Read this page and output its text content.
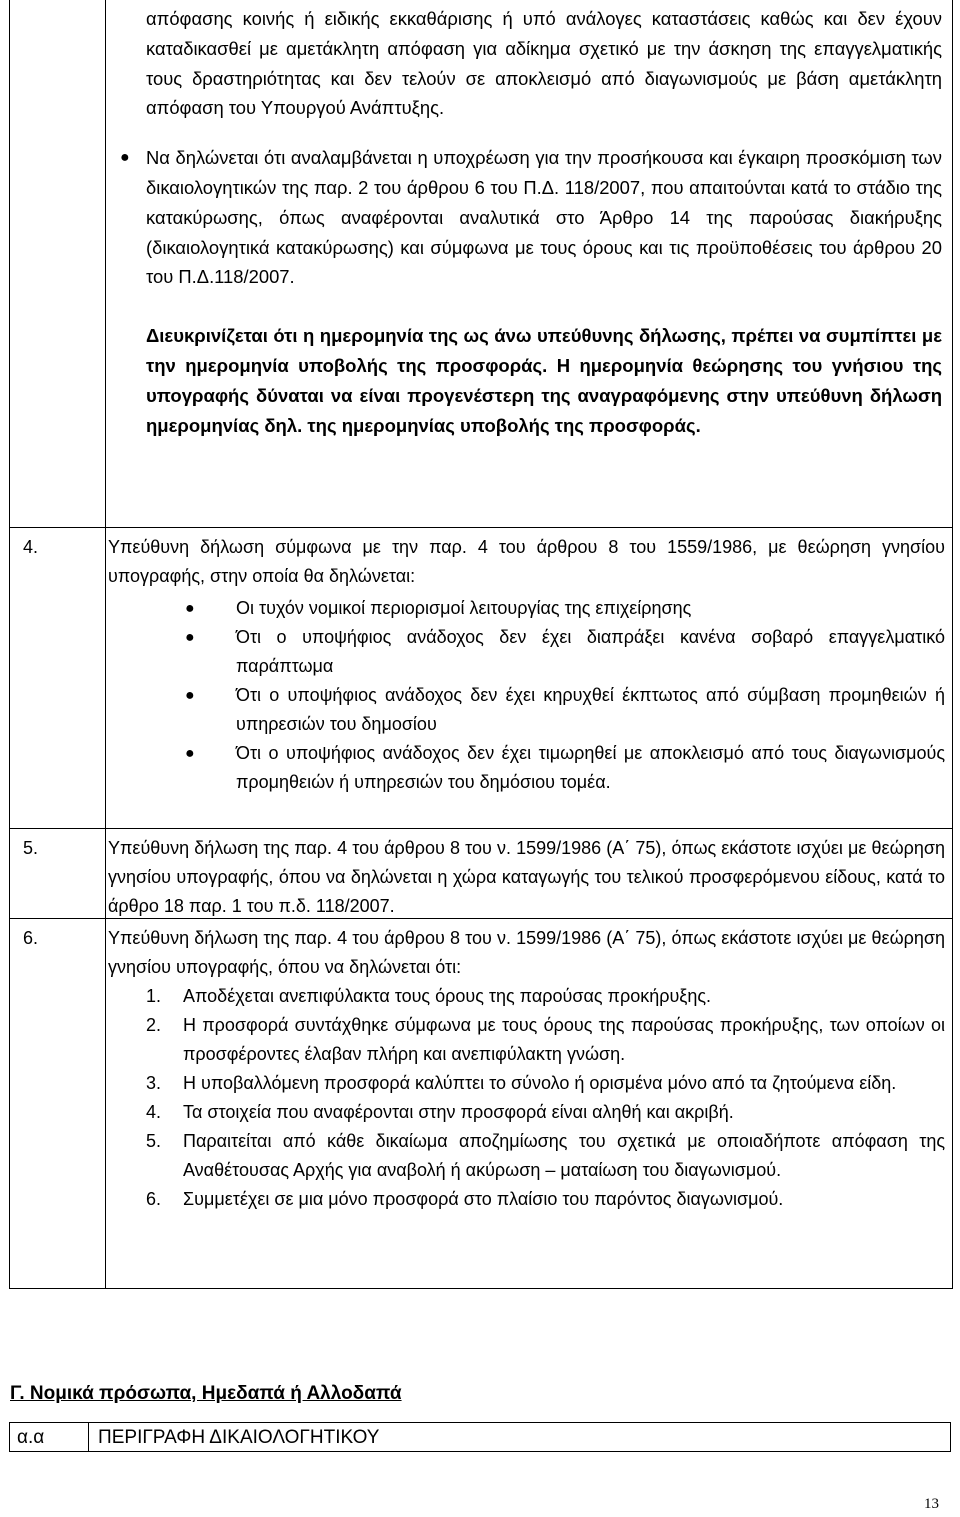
απόφασης κοινής ή ειδικής εκκαθάρισης ή υπό ανάλογες καταστάσεις καθώς και δεν έχουν καταδικασθεί με αμετάκλητη απόφαση για αδίκημα σχετικό με την άσκηση της επαγγελματικής τους δραστηριότητας και δεν τελούν σε αποκλεισμό από διαγωνισμούς με βάση αμετάκλητη απόφαση του Υπουργού Ανάπτυξης.

● Να δηλώνεται ότι αναλαμβάνεται η υποχρέωση για την προσήκουσα και έγκαιρη προσκόμιση των δικαιολογητικών της παρ. 2 του άρθρου 6 του Π.Δ. 118/2007, που απαιτούνται κατά το στάδιο της κατακύρωσης, όπως αναφέρονται αναλυτικά στο Άρθρο 14 της παρούσας διακήρυξης (δικαιολογητικά κατακύρωσης) και σύμφωνα με τους όρους και τις προϋποθέσεις του άρθρου 20 του Π.Δ.118/2007.

Διευκρινίζεται ότι η ημερομηνία της ως άνω υπεύθυνης δήλωσης, πρέπει να συμπίπτει με την ημερομηνία υποβολής της προσφοράς. Η ημερομηνία θεώρησης του γνήσιου της υπογραφής δύναται να είναι προγενέστερη της αναγραφόμενης στην υπεύθυνη δήλωση ημερομηνίας δηλ. της ημερομηνίας υποβολής της προσφοράς.

4.	Υπεύθυνη δήλωση σύμφωνα με την παρ. 4 του άρθρου 8 του 1559/1986, με θεώρηση γνησίου υπογραφής, στην οποία θα δηλώνεται:

● Οι τυχόν νομικοί περιορισμοί λειτουργίας της επιχείρησης
● Ότι ο υποψήφιος ανάδοχος δεν έχει διαπράξει κανένα σοβαρό επαγγελματικό παράπτωμα
● Ότι ο υποψήφιος ανάδοχος δεν έχει κηρυχθεί έκπτωτος από σύμβαση προμηθειών ή υπηρεσιών του δημοσίου
● Ότι ο υποψήφιος ανάδοχος δεν έχει τιμωρηθεί με αποκλεισμό από τους διαγωνισμούς προμηθειών ή υπηρεσιών του δημόσιου τομέα.
5.	Υπεύθυνη δήλωση της παρ. 4 του άρθρου 8 του ν. 1599/1986 (Α΄ 75), όπως εκάστοτε ισχύει με θεώρηση γνησίου υπογραφής, όπου να δηλώνεται η χώρα καταγωγής του τελικού προσφερόμενου είδους, κατά το άρθρο 18 παρ. 1 του π.δ. 118/2007.

6.	Υπεύθυνη δήλωση της παρ. 4 του άρθρου 8 του ν. 1599/1986 (Α΄ 75), όπως εκάστοτε ισχύει με θεώρηση γνησίου υπογραφής, όπου να δηλώνεται ότι:

1. Αποδέχεται ανεπιφύλακτα τους όρους της παρούσας προκήρυξης.
2. Η προσφορά συντάχθηκε σύμφωνα με τους όρους της παρούσας προκήρυξης, των οποίων οι προσφέροντες έλαβαν πλήρη και ανεπιφύλακτη γνώση.
3. Η υποβαλλόμενη προσφορά καλύπτει το σύνολο ή ορισμένα μόνο από τα ζητούμενα είδη.
4. Τα στοιχεία που αναφέρονται στην προσφορά είναι αληθή και ακριβή.
5. Παραιτείται από κάθε δικαίωμα αποζημίωσης του σχετικά με οποιαδήποτε απόφαση της Αναθέτουσας Αρχής για αναβολή ή ακύρωση – ματαίωση του διαγωνισμού.
6. Συμμετέχει σε μια μόνο προσφορά στο πλαίσιο του παρόντος διαγωνισμού.

Γ. Νομικά πρόσωπα, Ημεδαπά ή Αλλοδαπά

α.α	ΠΕΡΙΓΡΑΦΗ ΔΙΚΑΙΟΛΟΓΗΤΙΚΟΥ
13
